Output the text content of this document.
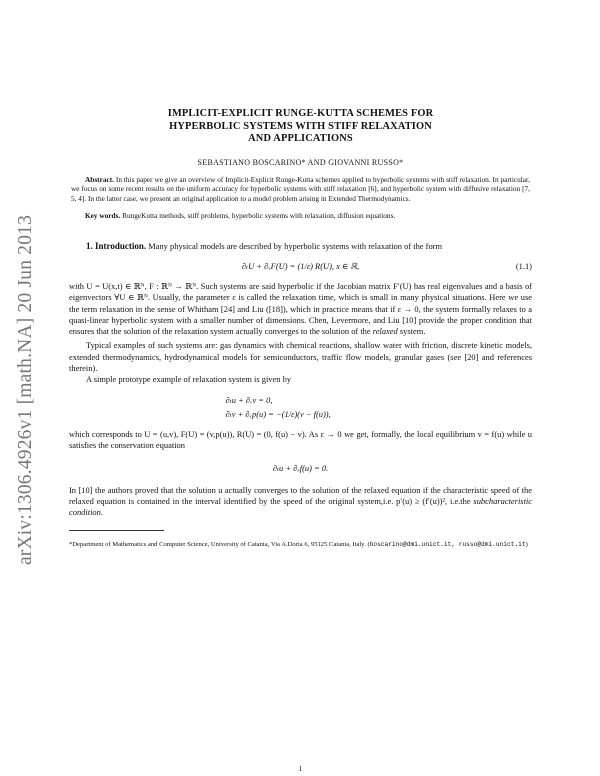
arXiv:1306.4926v1 [math.NA] 20 Jun 2013

IMPLICIT-EXPLICIT RUNGE-KUTTA SCHEMES FOR
HYPERBOLIC SYSTEMS WITH STIFF RELAXATION
AND APPLICATIONS

SEBASTIANO BOSCARINO* AND GIOVANNI RUSSO*
Abstract. In this paper we give an overview of Implicit-Explicit Runge-Kutta schemes applied to hyperbolic systems with stiff relaxation. In particular, we focus on some recent results on the uniform accuracy for hyperbolic systems with stiff relaxation [6], and hyperbolic system with diffusive relaxation [7, 5, 4]. In the latter case, we present an original application to a model problem arising in Extended Thermodynamics.
Key words. RungeKutta methods, stiff problems, hyperbolic systems with relaxation, diffusion equations.

1. Introduction. Many physical models are described by hyperbolic systems with relaxation of the form

∂ₜU + ∂ₓF(U) = (1/ε) R(U), x ∈ ℝ,	(1.1)

with U = U(x,t) ∈ ℝᴺ, F : ℝᴺ → ℝᴺ. Such systems are said hyperbolic if the Jacobian matrix F′(U) has real eigenvalues and a basis of eigenvectors ∀U ∈ ℝᴺ. Usually, the parameter ε is called the relaxation time, which is small in many physical situations. Here we use the term relaxation in the sense of Whitham [24] and Liu ([18]), which in practice means that if ε → 0, the system formally relaxes to a quasi-linear hyperbolic system with a smaller number of dimensions. Chen, Levermore, and Liu [10] provide the proper condition that ensures that the solution of the relaxation system actually converges to the solution of the relaxed system.

Typical examples of such systems are: gas dynamics with chemical reactions, shallow water with friction, discrete kinetic models, extended thermodynamics, hydrodynamical models for semiconductors, traffic flow models, granular gases (see [20] and references therein).

A simple prototype example of relaxation system is given by

∂ₜu + ∂ₓv = 0,
∂ₜv + ∂ₓp(u) = −(1/ε)(v − f(u)),

which corresponds to U = (u,v), F(U) = (v,p(u)), R(U) = (0, f(u) − v). As ε → 0 we get, formally, the local equilibrium v = f(u) while u satisfies the conservation equation

∂ₜu + ∂ₓf(u) = 0.

In [10] the authors proved that the solution u actually converges to the solution of the relaxed equation if the characteristic speed of the relaxed equation is contained in the interval identified by the speed of the original system,i.e. p′(u) ≥ (f′(u))², i.e.the subcharacteristic condition.

*Department of Mathematics and Computer Science, University of Catania, Via A.Doria 6, 95125 Catania, Italy. (boscarino@dmi.unict.it, russo@dmi.unict.it)
1
